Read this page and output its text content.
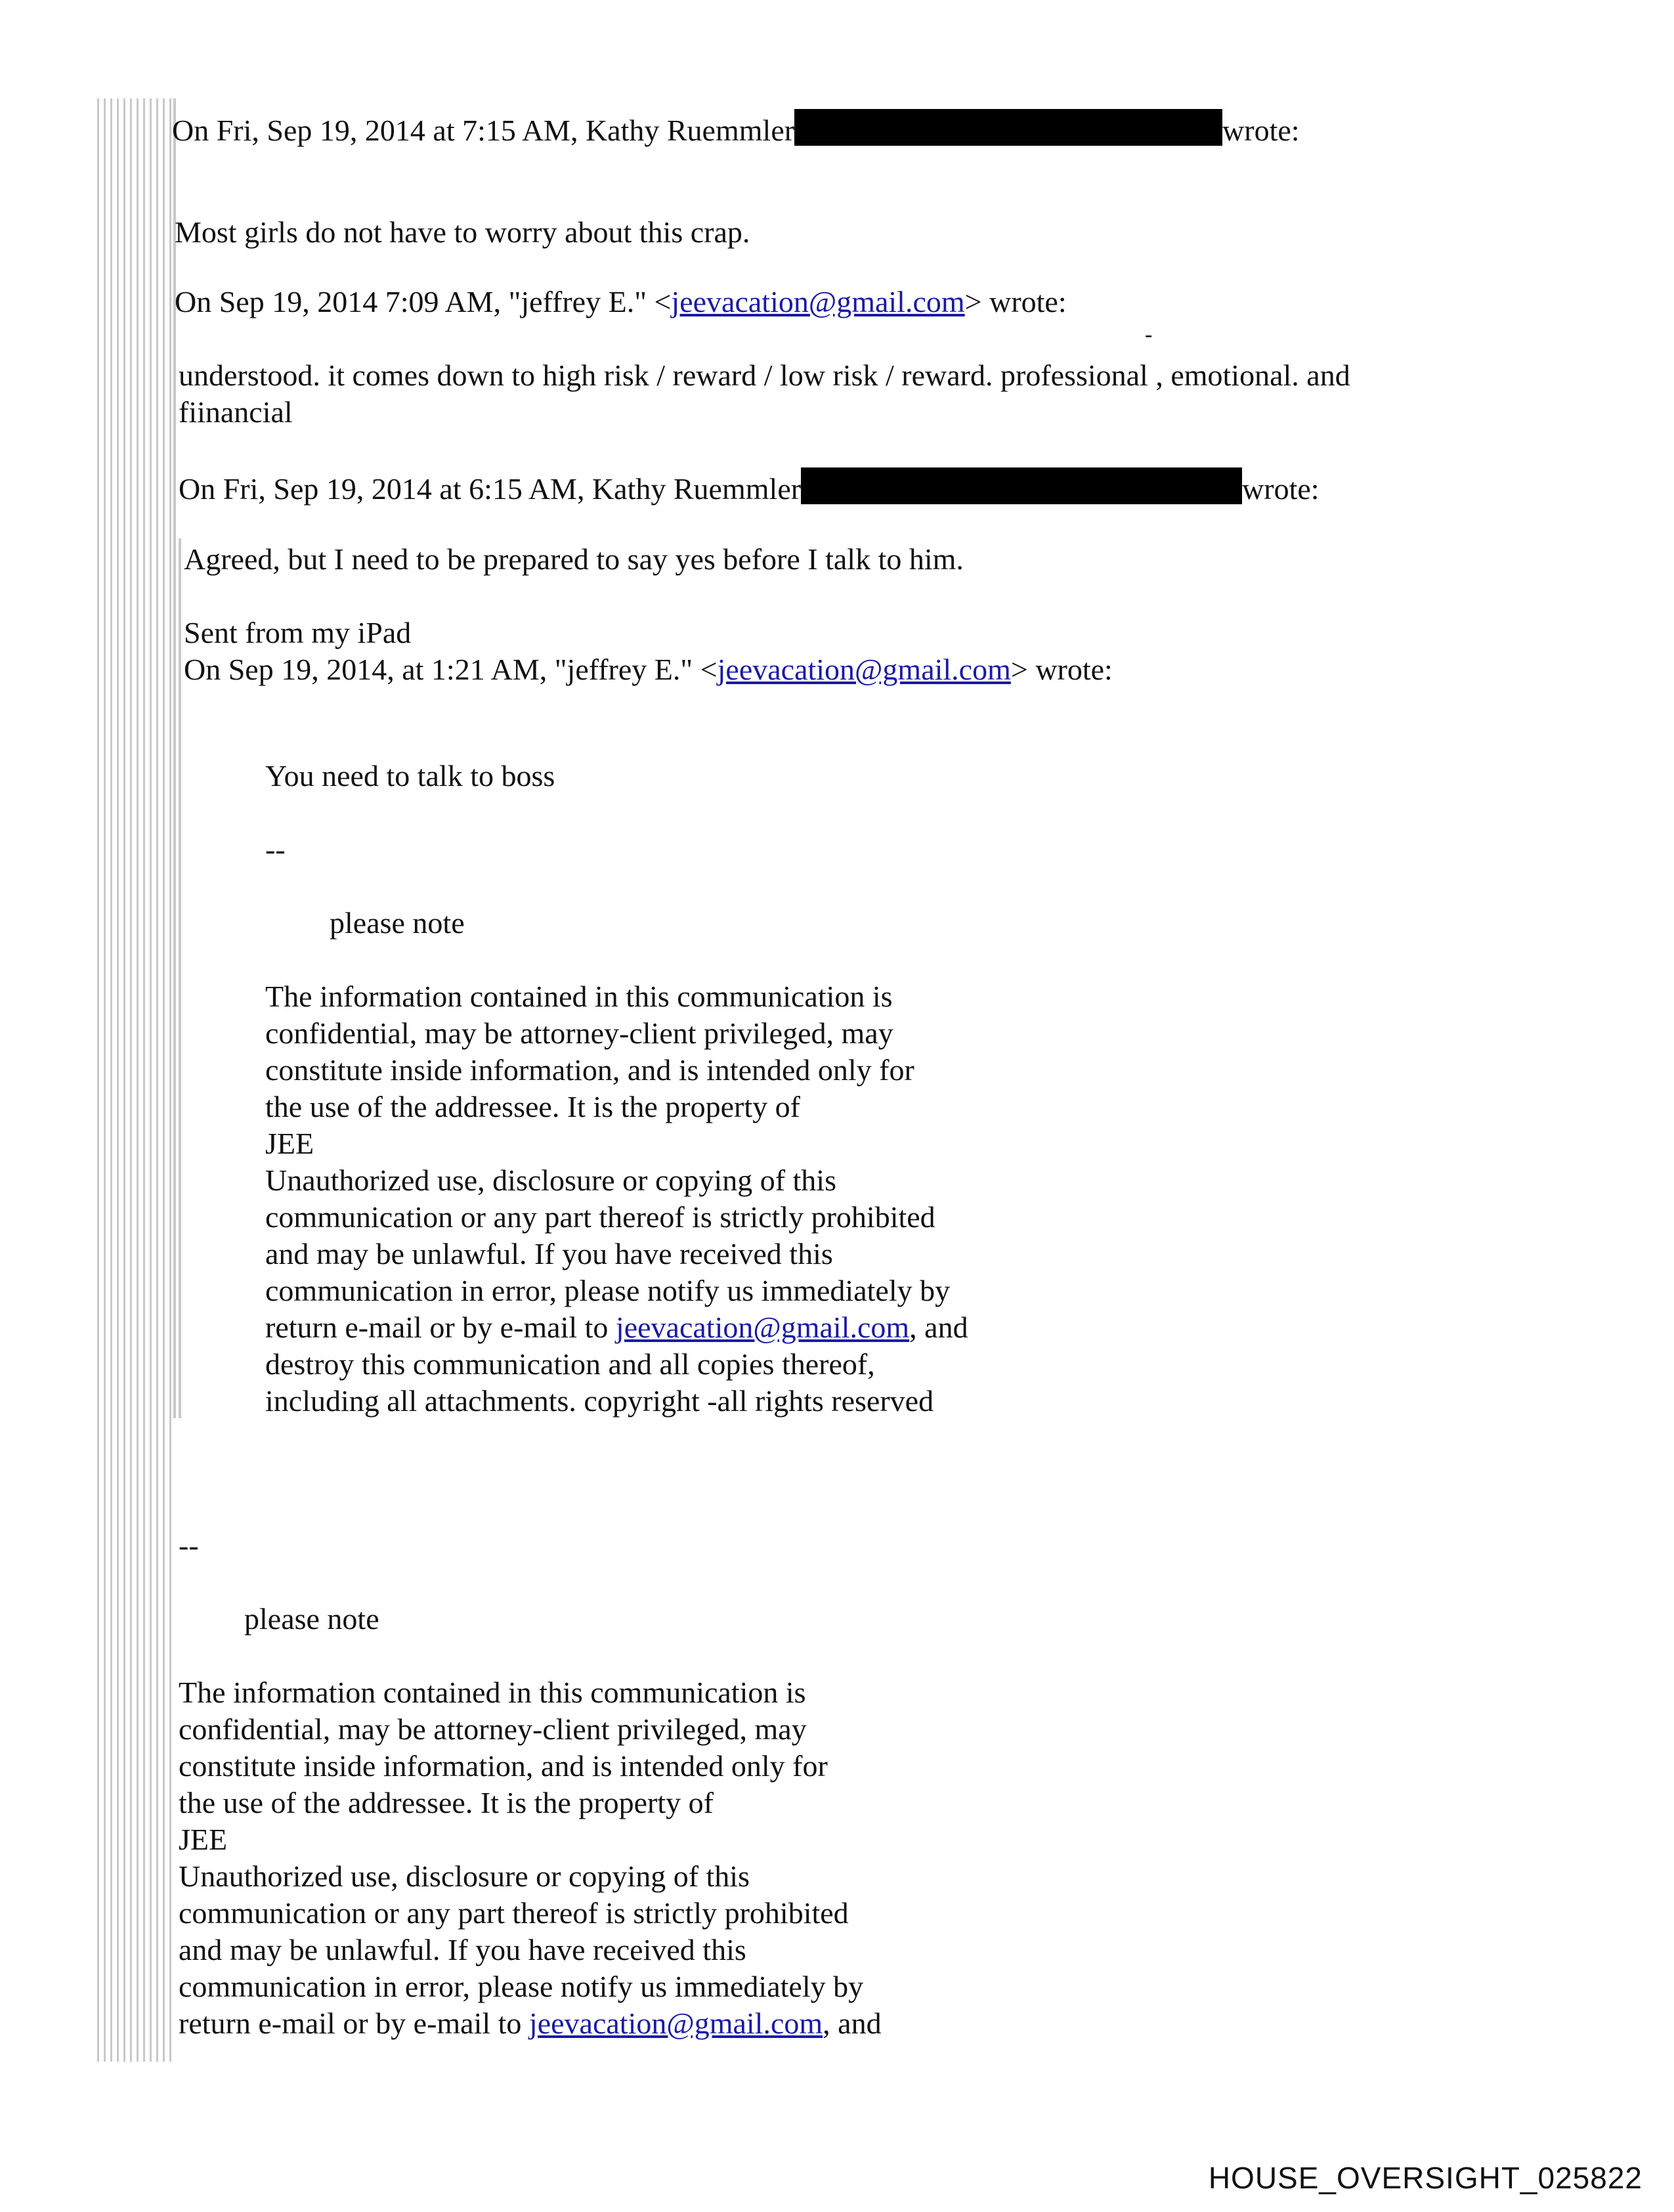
On Fri, Sep 19, 2014 at 7:15 AM, Kathy Ruemmler	wrote:
Most girls do not have to worry about this crap.
On Sep 19, 2014 7:09 AM, "jeffrey E." <jeevacation@gmail.com> wrote:
-
understood. it comes down to high risk / reward / low risk / reward. professional , emotional. and
fiinancial
On Fri, Sep 19, 2014 at 6:15 AM, Kathy Ruemmler	wrote:
Agreed, but I need to be prepared to say yes before I talk to him.
Sent from my iPad
On Sep 19, 2014, at 1:21 AM, "jeffrey E." <jeevacation@gmail.com> wrote:
You need to talk to boss
--
please note
The information contained in this communication is
confidential, may be attorney-client privileged, may
constitute inside information, and is intended only for
the use of the addressee. It is the property of
JEE
Unauthorized use, disclosure or copying of this
communication or any part thereof is strictly prohibited
and may be unlawful. If you have received this
communication in error, please notify us immediately by
return e-mail or by e-mail to jeevacation@gmail.com, and
destroy this communication and all copies thereof,
including all attachments. copyright -all rights reserved
--
please note
The information contained in this communication is
confidential, may be attorney-client privileged, may
constitute inside information, and is intended only for
the use of the addressee. It is the property of
JEE
Unauthorized use, disclosure or copying of this
communication or any part thereof is strictly prohibited
and may be unlawful. If you have received this
communication in error, please notify us immediately by
return e-mail or by e-mail to jeevacation@gmail.com, and
HOUSE_OVERSIGHT_025822
